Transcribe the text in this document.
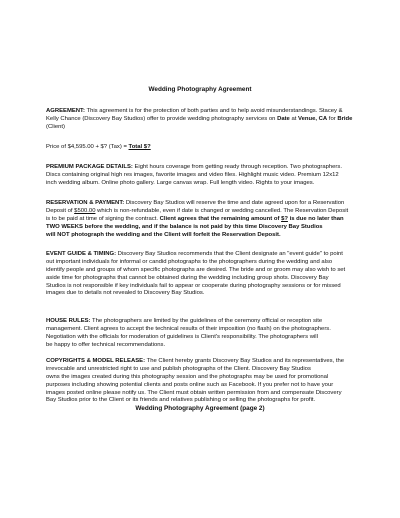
Wedding Photography Agreement
AGREEMENT: This agreement is for the protection of both parties and to help avoid misunderstandings. Stacey &
Kelly Chance (Discovery Bay Studios) offer to provide wedding photography services on Date at Venue, CA for Bride
(Client)
Price of $4,595.00 + $? (Tax) = Total $?
PREMIUM PACKAGE DETAILS: Eight hours coverage from getting ready through reception. Two photographers.
Discs containing original high res images, favorite images and video files. Highlight music video. Premium 12x12
inch wedding album. Online photo gallery. Large canvas wrap. Full length video. Rights to your images.
RESERVATION & PAYMENT: Discovery Bay Studios will reserve the time and date agreed upon for a Reservation
Deposit of $500.00 which is non-refundable, even if date is changed or wedding cancelled. The Reservation Deposit
is to be paid at time of signing the contract. Client agrees that the remaining amount of $? is due no later than
TWO WEEKS before the wedding, and if the balance is not paid by this time Discovery Bay Studios
will NOT photograph the wedding and the Client will forfeit the Reservation Deposit.
EVENT GUIDE & TIMING: Discovery Bay Studios recommends that the Client designate an "event guide" to point
out important individuals for informal or candid photographs to the photographers during the wedding and also
identify people and groups of whom specific photographs are desired. The bride and or groom may also wish to set
aside time for photographs that cannot be obtained during the wedding including group shots. Discovery Bay
Studios is not responsible if key individuals fail to appear or cooperate during photography sessions or for missed
images due to details not revealed to Discovery Bay Studios.
HOUSE RULES: The photographers are limited by the guidelines of the ceremony official or reception site
management. Client agrees to accept the technical results of their imposition (no flash) on the photographers.
Negotiation with the officials for moderation of guidelines is Client's responsibility. The photographers will
be happy to offer technical recommendations.
COPYRIGHTS & MODEL RELEASE: The Client hereby grants Discovery Bay Studios and its representatives, the
irrevocable and unrestricted right to use and publish photographs of the Client. Discovery Bay Studios
owns the images created during this photography session and the photographs may be used for promotional
purposes including showing potential clients and posts online such as Facebook. If you prefer not to have your
images posted online please notify us. The Client must obtain written permission from and compensate Discovery
Bay Studios prior to the Client or its friends and relatives publishing or selling the photographs for profit.
Wedding Photography Agreement (page 2)
